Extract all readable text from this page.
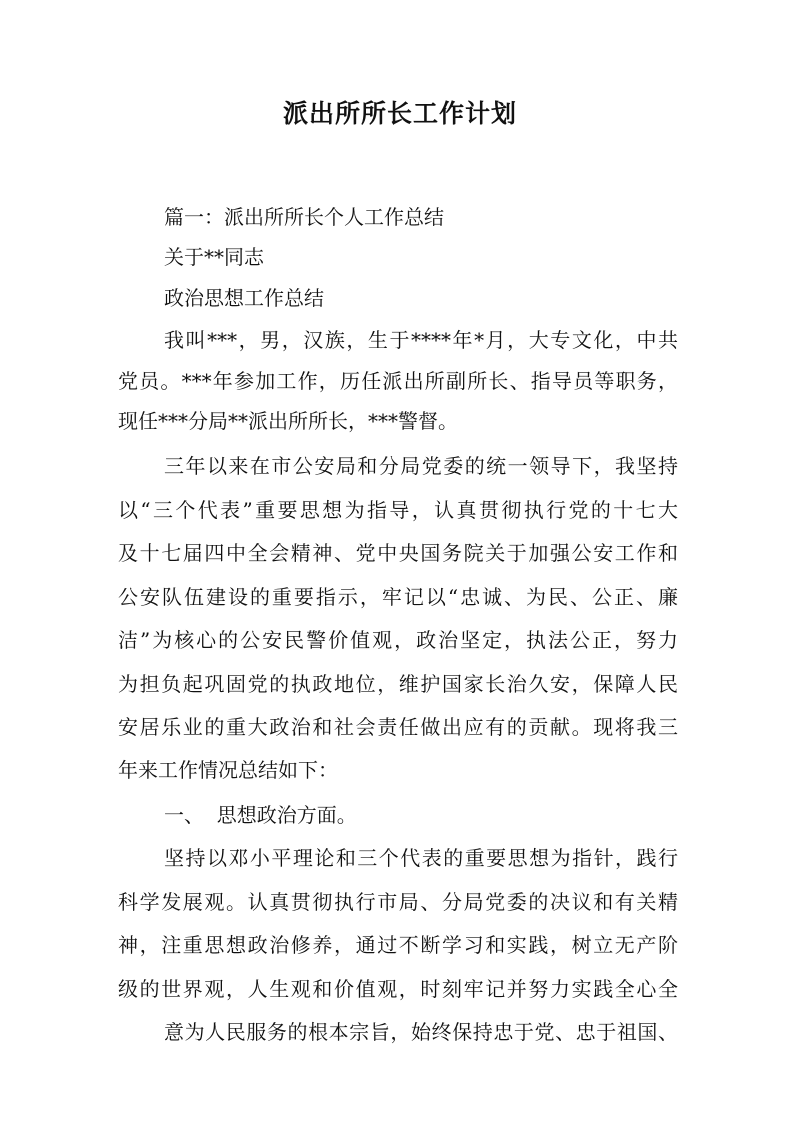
派出所所长工作计划

篇一：派出所所长个人工作总结

关于**同志

政治思想工作总结

我叫***，男，汉族，生于****年*月，大专文化，中共

党员。***年参加工作，历任派出所副所长、指导员等职务，

现任***分局**派出所所长，***警督。

三年以来在市公安局和分局党委的统一领导下，我坚持

以“三个代表”重要思想为指导，认真贯彻执行党的十七大

及十七届四中全会精神、党中央国务院关于加强公安工作和

公安队伍建设的重要指示，牢记以“忠诚、为民、公正、廉

洁”为核心的公安民警价值观，政治坚定，执法公正，努力

为担负起巩固党的执政地位，维护国家长治久安，保障人民

安居乐业的重大政治和社会责任做出应有的贡献。现将我三

年来工作情况总结如下：

一、  思想政治方面。

坚持以邓小平理论和三个代表的重要思想为指针，践行

科学发展观。认真贯彻执行市局、分局党委的决议和有关精

神，注重思想政治修养，通过不断学习和实践，树立无产阶

级的世界观，人生观和价值观，时刻牢记并努力实践全心全

意为人民服务的根本宗旨，始终保持忠于党、忠于祖国、
